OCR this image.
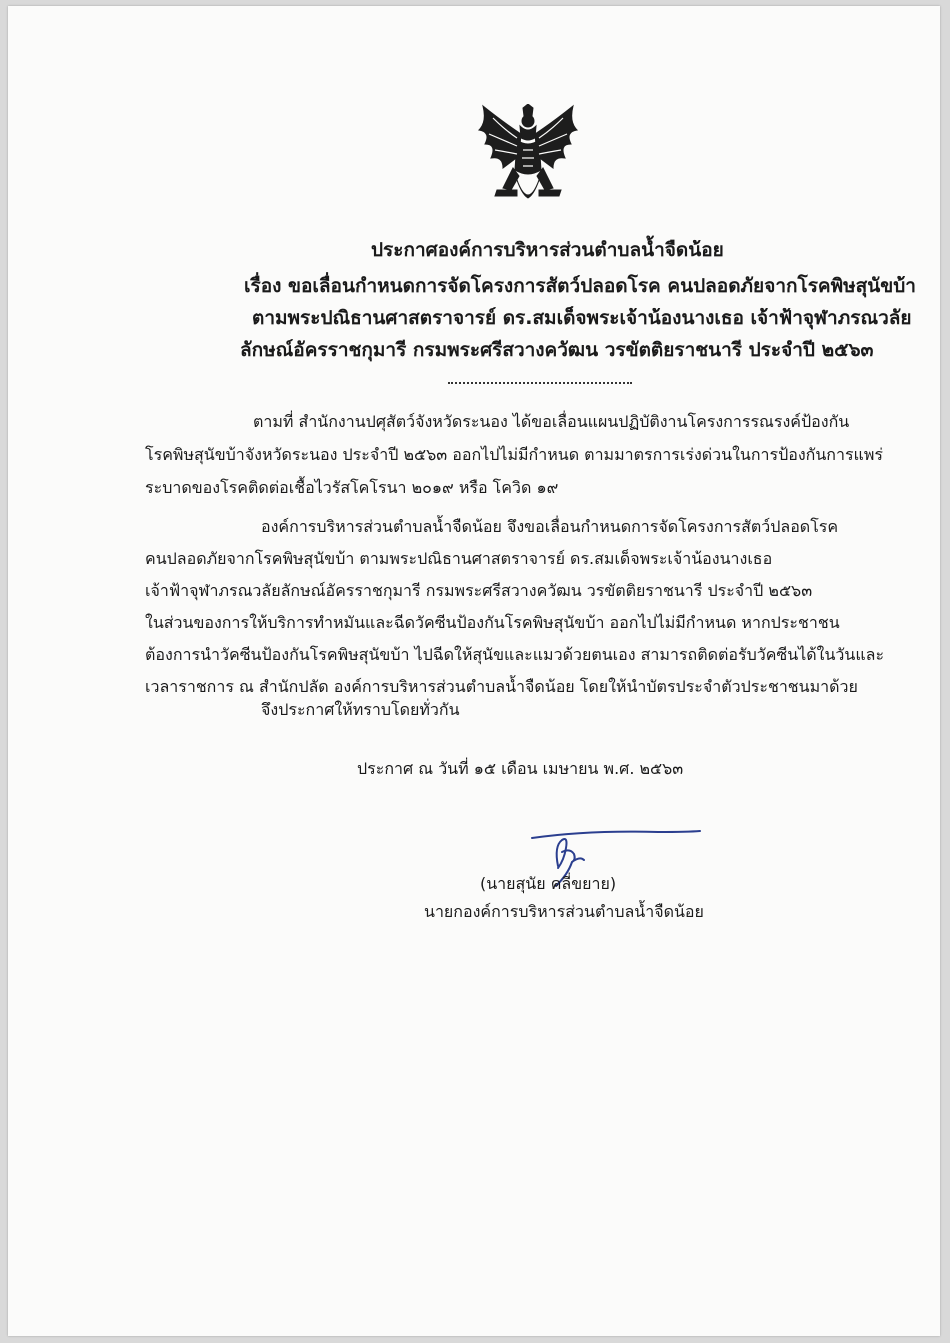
ประกาศองค์การบริหารส่วนตำบลน้ำจืดน้อย
เรื่อง ขอเลื่อนกำหนดการจัดโครงการสัตว์ปลอดโรค คนปลอดภัยจากโรคพิษสุนัขบ้า
ตามพระปณิธานศาสตราจารย์ ดร.สมเด็จพระเจ้าน้องนางเธอ เจ้าฟ้าจุฬาภรณวลัย
ลักษณ์อัครราชกุมารี กรมพระศรีสวางควัฒน วรขัตติยราชนารี ประจำปี ๒๕๖๓
ตามที่ สำนักงานปศุสัตว์จังหวัดระนอง ได้ขอเลื่อนแผนปฏิบัติงานโครงการรณรงค์ป้องกัน
โรคพิษสุนัขบ้าจังหวัดระนอง ประจำปี ๒๕๖๓ ออกไปไม่มีกำหนด ตามมาตรการเร่งด่วนในการป้องกันการแพร่
ระบาดของโรคติดต่อเชื้อไวรัสโคโรนา ๒๐๑๙ หรือ โควิด ๑๙
องค์การบริหารส่วนตำบลน้ำจืดน้อย จึงขอเลื่อนกำหนดการจัดโครงการสัตว์ปลอดโรค
คนปลอดภัยจากโรคพิษสุนัขบ้า ตามพระปณิธานศาสตราจารย์ ดร.สมเด็จพระเจ้าน้องนางเธอ
เจ้าฟ้าจุฬาภรณวลัยลักษณ์อัครราชกุมารี กรมพระศรีสวางควัฒน วรขัตติยราชนารี ประจำปี ๒๕๖๓
ในส่วนของการให้บริการทำหมันและฉีดวัคซีนป้องกันโรคพิษสุนัขบ้า ออกไปไม่มีกำหนด หากประชาชน
ต้องการนำวัคซีนป้องกันโรคพิษสุนัขบ้า ไปฉีดให้สุนัขและแมวด้วยตนเอง สามารถติดต่อรับวัคซีนได้ในวันและ
เวลาราชการ ณ สำนักปลัด องค์การบริหารส่วนตำบลน้ำจืดน้อย โดยให้นำบัตรประจำตัวประชาชนมาด้วย
จึงประกาศให้ทราบโดยทั่วกัน
ประกาศ ณ วันที่ ๑๕ เดือน เมษายน พ.ศ. ๒๕๖๓
(นายสุนัย คลี่ขยาย)
นายกองค์การบริหารส่วนตำบลน้ำจืดน้อย
